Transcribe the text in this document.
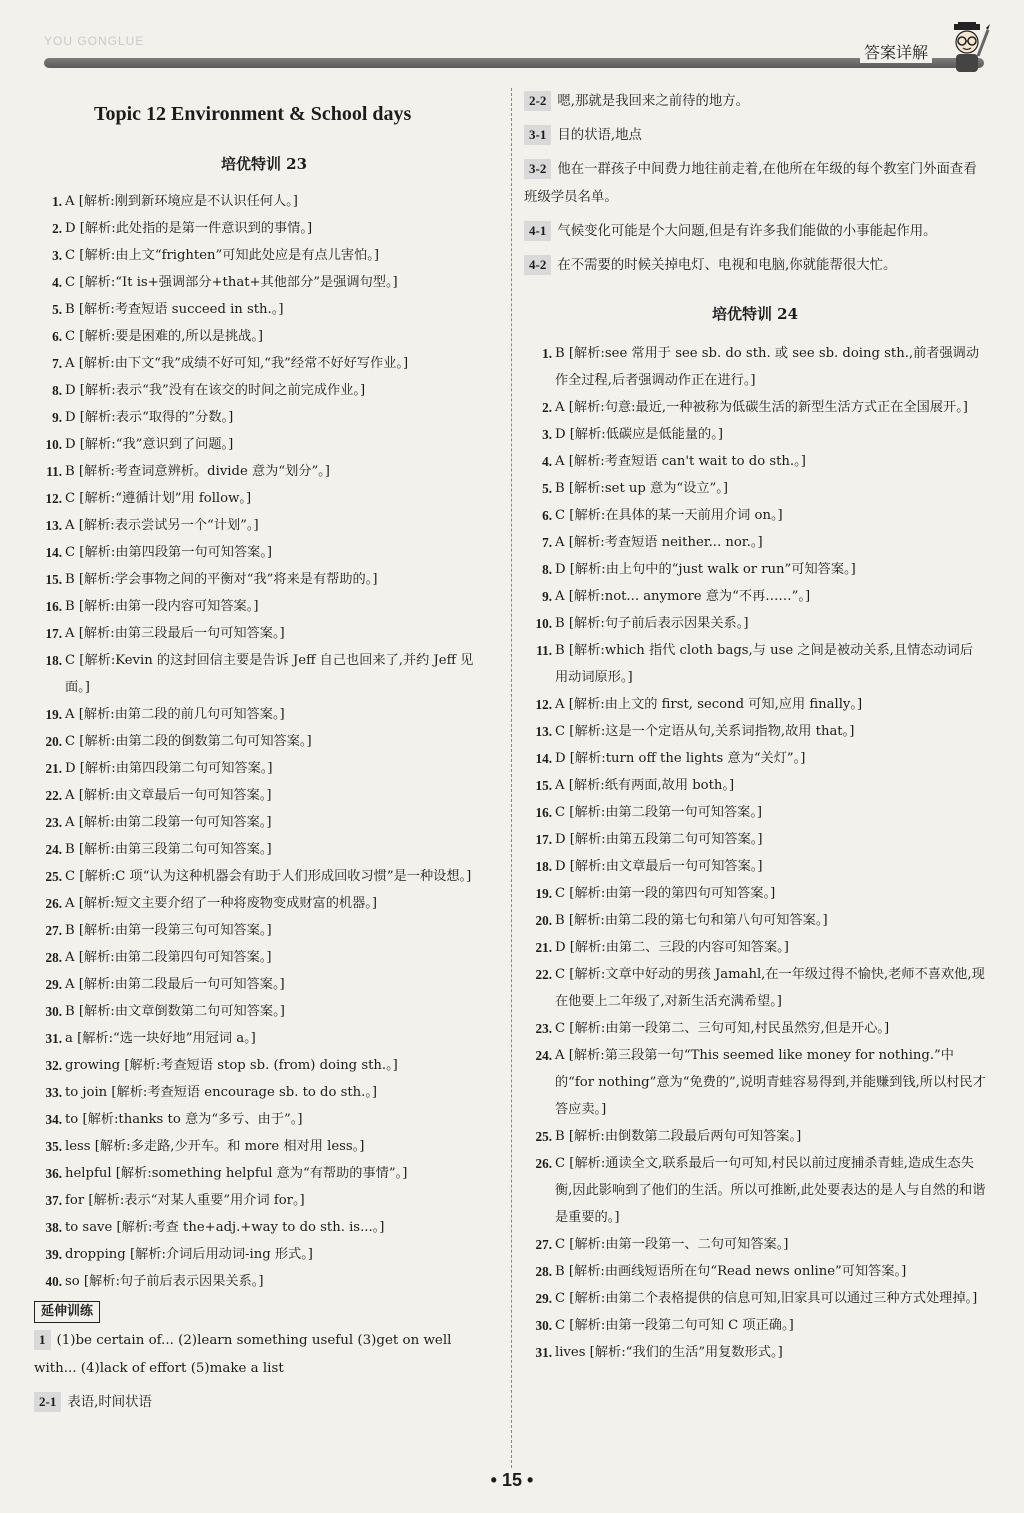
YOU GONGLUE
答案详解
Topic 12 Environment & School days
培优特训 23
1. A [解析:刚到新环境应是不认识任何人。]
2. D [解析:此处指的是第一件意识到的事情。]
3. C [解析:由上文“frighten”可知此处应是有点儿害怕。]
4. C [解析:“It is+强调部分+that+其他部分”是强调句型。]
5. B [解析:考查短语 succeed in sth.。]
6. C [解析:要是困难的,所以是挑战。]
7. A [解析:由下文“我”成绩不好可知,“我”经常不好好写作业。]
8. D [解析:表示“我”没有在该交的时间之前完成作业。]
9. D [解析:表示“取得的”分数。]
10. D [解析:“我”意识到了问题。]
11. B [解析:考查词意辨析。divide 意为“划分”。]
12. C [解析:“遵循计划”用 follow。]
13. A [解析:表示尝试另一个“计划”。]
14. C [解析:由第四段第一句可知答案。]
15. B [解析:学会事物之间的平衡对“我”将来是有帮助的。]
16. B [解析:由第一段内容可知答案。]
17. A [解析:由第三段最后一句可知答案。]
18. C [解析:Kevin 的这封回信主要是告诉 Jeff 自己也回来了,并约 Jeff 见面。]
19. A [解析:由第二段的前几句可知答案。]
20. C [解析:由第二段的倒数第二句可知答案。]
21. D [解析:由第四段第二句可知答案。]
22. A [解析:由文章最后一句可知答案。]
23. A [解析:由第二段第一句可知答案。]
24. B [解析:由第三段第二句可知答案。]
25. C [解析:C 项“认为这种机器会有助于人们形成回收习惯”是一种设想。]
26. A [解析:短文主要介绍了一种将废物变成财富的机器。]
27. B [解析:由第一段第三句可知答案。]
28. A [解析:由第二段第四句可知答案。]
29. A [解析:由第二段最后一句可知答案。]
30. B [解析:由文章倒数第二句可知答案。]
31. a [解析:“选一块好地”用冠词 a。]
32. growing [解析:考查短语 stop sb. (from) doing sth.。]
33. to join [解析:考查短语 encourage sb. to do sth.。]
34. to [解析:thanks to 意为“多亏、由于”。]
35. less [解析:多走路,少开车。和 more 相对用 less。]
36. helpful [解析:something helpful 意为“有帮助的事情”。]
37. for [解析:表示“对某人重要”用介词 for。]
38. to save [解析:考查 the+adj.+way to do sth. is...。]
39. dropping [解析:介词后用动词-ing 形式。]
40. so [解析:句子前后表示因果关系。]
延伸训练
1 (1)be certain of... (2)learn something useful (3)get on well with... (4)lack of effort (5)make a list
2-1 表语,时间状语
2-2 嗯,那就是我回来之前待的地方。
3-1 目的状语,地点
3-2 他在一群孩子中间费力地往前走着,在他所在年级的每个教室门外面查看班级学员名单。
4-1 气候变化可能是个大问题,但是有许多我们能做的小事能起作用。
4-2 在不需要的时候关掉电灯、电视和电脑,你就能帮很大忙。
培优特训 24
1. B [解析:see 常用于 see sb. do sth. 或 see sb. doing sth.,前者强调动作全过程,后者强调动作正在进行。]
2. A [解析:句意:最近,一种被称为低碳生活的新型生活方式正在全国展开。]
3. D [解析:低碳应是低能量的。]
4. A [解析:考查短语 can't wait to do sth.。]
5. B [解析:set up 意为“设立”。]
6. C [解析:在具体的某一天前用介词 on。]
7. A [解析:考查短语 neither... nor.。]
8. D [解析:由上句中的“just walk or run”可知答案。]
9. A [解析:not... anymore 意为“不再……”。]
10. B [解析:句子前后表示因果关系。]
11. B [解析:which 指代 cloth bags,与 use 之间是被动关系,且情态动词后用动词原形。]
12. A [解析:由上文的 first, second 可知,应用 finally。]
13. C [解析:这是一个定语从句,关系词指物,故用 that。]
14. D [解析:turn off the lights 意为“关灯”。]
15. A [解析:纸有两面,故用 both。]
16. C [解析:由第二段第一句可知答案。]
17. D [解析:由第五段第二句可知答案。]
18. D [解析:由文章最后一句可知答案。]
19. C [解析:由第一段的第四句可知答案。]
20. B [解析:由第二段的第七句和第八句可知答案。]
21. D [解析:由第二、三段的内容可知答案。]
22. C [解析:文章中好动的男孩 Jamahl,在一年级过得不愉快,老师不喜欢他,现在他要上二年级了,对新生活充满希望。]
23. C [解析:由第一段第二、三句可知,村民虽然穷,但是开心。]
24. A [解析:第三段第一句“This seemed like money for nothing.”中的“for nothing”意为“免费的”,说明青蛙容易得到,并能赚到钱,所以村民才答应卖。]
25. B [解析:由倒数第二段最后两句可知答案。]
26. C [解析:通读全文,联系最后一句可知,村民以前过度捕杀青蛙,造成生态失衡,因此影响到了他们的生活。所以可推断,此处要表达的是人与自然的和谐是重要的。]
27. C [解析:由第一段第一、二句可知答案。]
28. B [解析:由画线短语所在句“Read news online”可知答案。]
29. C [解析:由第二个表格提供的信息可知,旧家具可以通过三种方式处理掉。]
30. C [解析:由第一段第二句可知 C 项正确。]
31. lives [解析:“我们的生活”用复数形式。]
• 15 •
